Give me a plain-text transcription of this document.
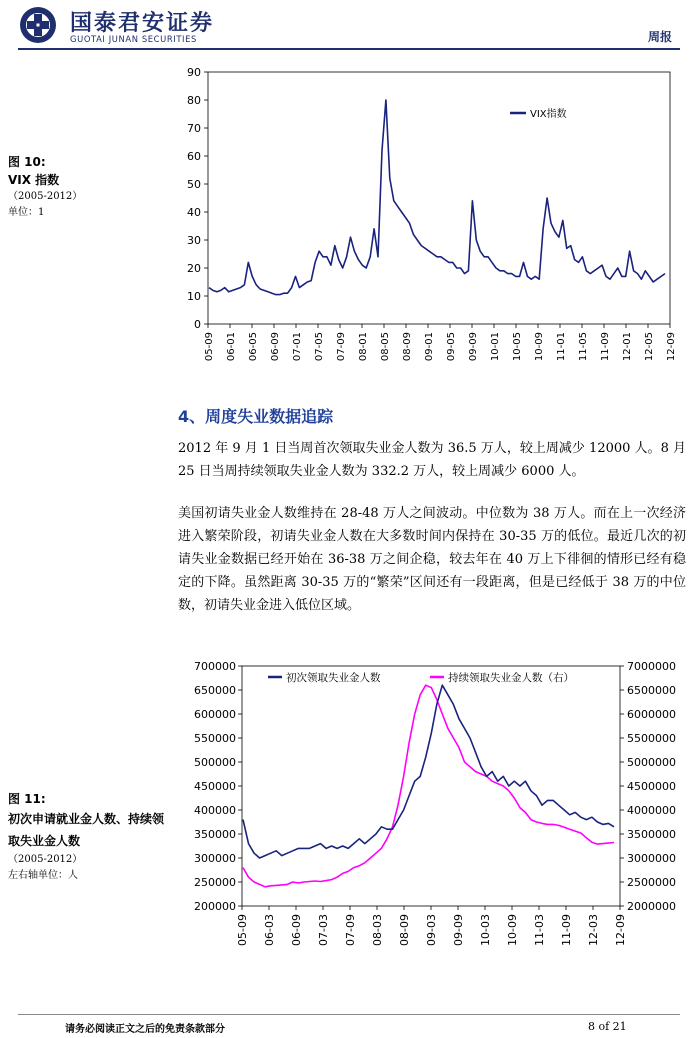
国泰君安证券
GUOTAI JUNAN SECURITIES	周报
图 10:
VIX 指数
（2005-2012）
单位：1
0
10
20
30
40
50
60
70
80
90
05-09 06-01 06-05 06-09 07-01 07-05 07-09 08-01 08-05 08-09 09-01 09-05 09-09 10-01 10-05 10-09 11-01 11-05 11-09 12-01 12-05 12-09
VIX指数
4、周度失业数据追踪
2012 年 9 月 1 日当周首次领取失业金人数为 36.5 万人，较上周减少 12000 人。8 月 25 日当周持续领取失业金人数为 332.2 万人，较上周减少 6000 人。
美国初请失业金人数维持在 28-48 万人之间波动。中位数为 38 万人。而在上一次经济进入繁荣阶段，初请失业金人数在大多数时间内保持在 30-35 万的低位。最近几次的初请失业金数据已经开始在 36-38 万之间企稳，较去年在 40 万上下徘徊的情形已经有稳定的下降。虽然距离 30-35 万的“繁荣”区间还有一段距离，但是已经低于 38 万的中位数，初请失业金进入低位区域。
图 11:
初次申请就业金人数、持续领取失业金人数
（2005-2012）
左右轴单位：人
200000
250000
300000
350000
400000
450000
500000
550000
600000
650000
700000
2000000
2500000
3000000
3500000
4000000
4500000
5000000
5500000
6000000
6500000
7000000
05-09 06-03 06-09 07-03 07-09 08-03 08-09 09-03 09-09 10-03 10-09 11-03 11-09 12-03 12-09
初次领取失业金人数	持续领取失业金人数（右）
请务必阅读正文之后的免责条款部分	8 of 21
